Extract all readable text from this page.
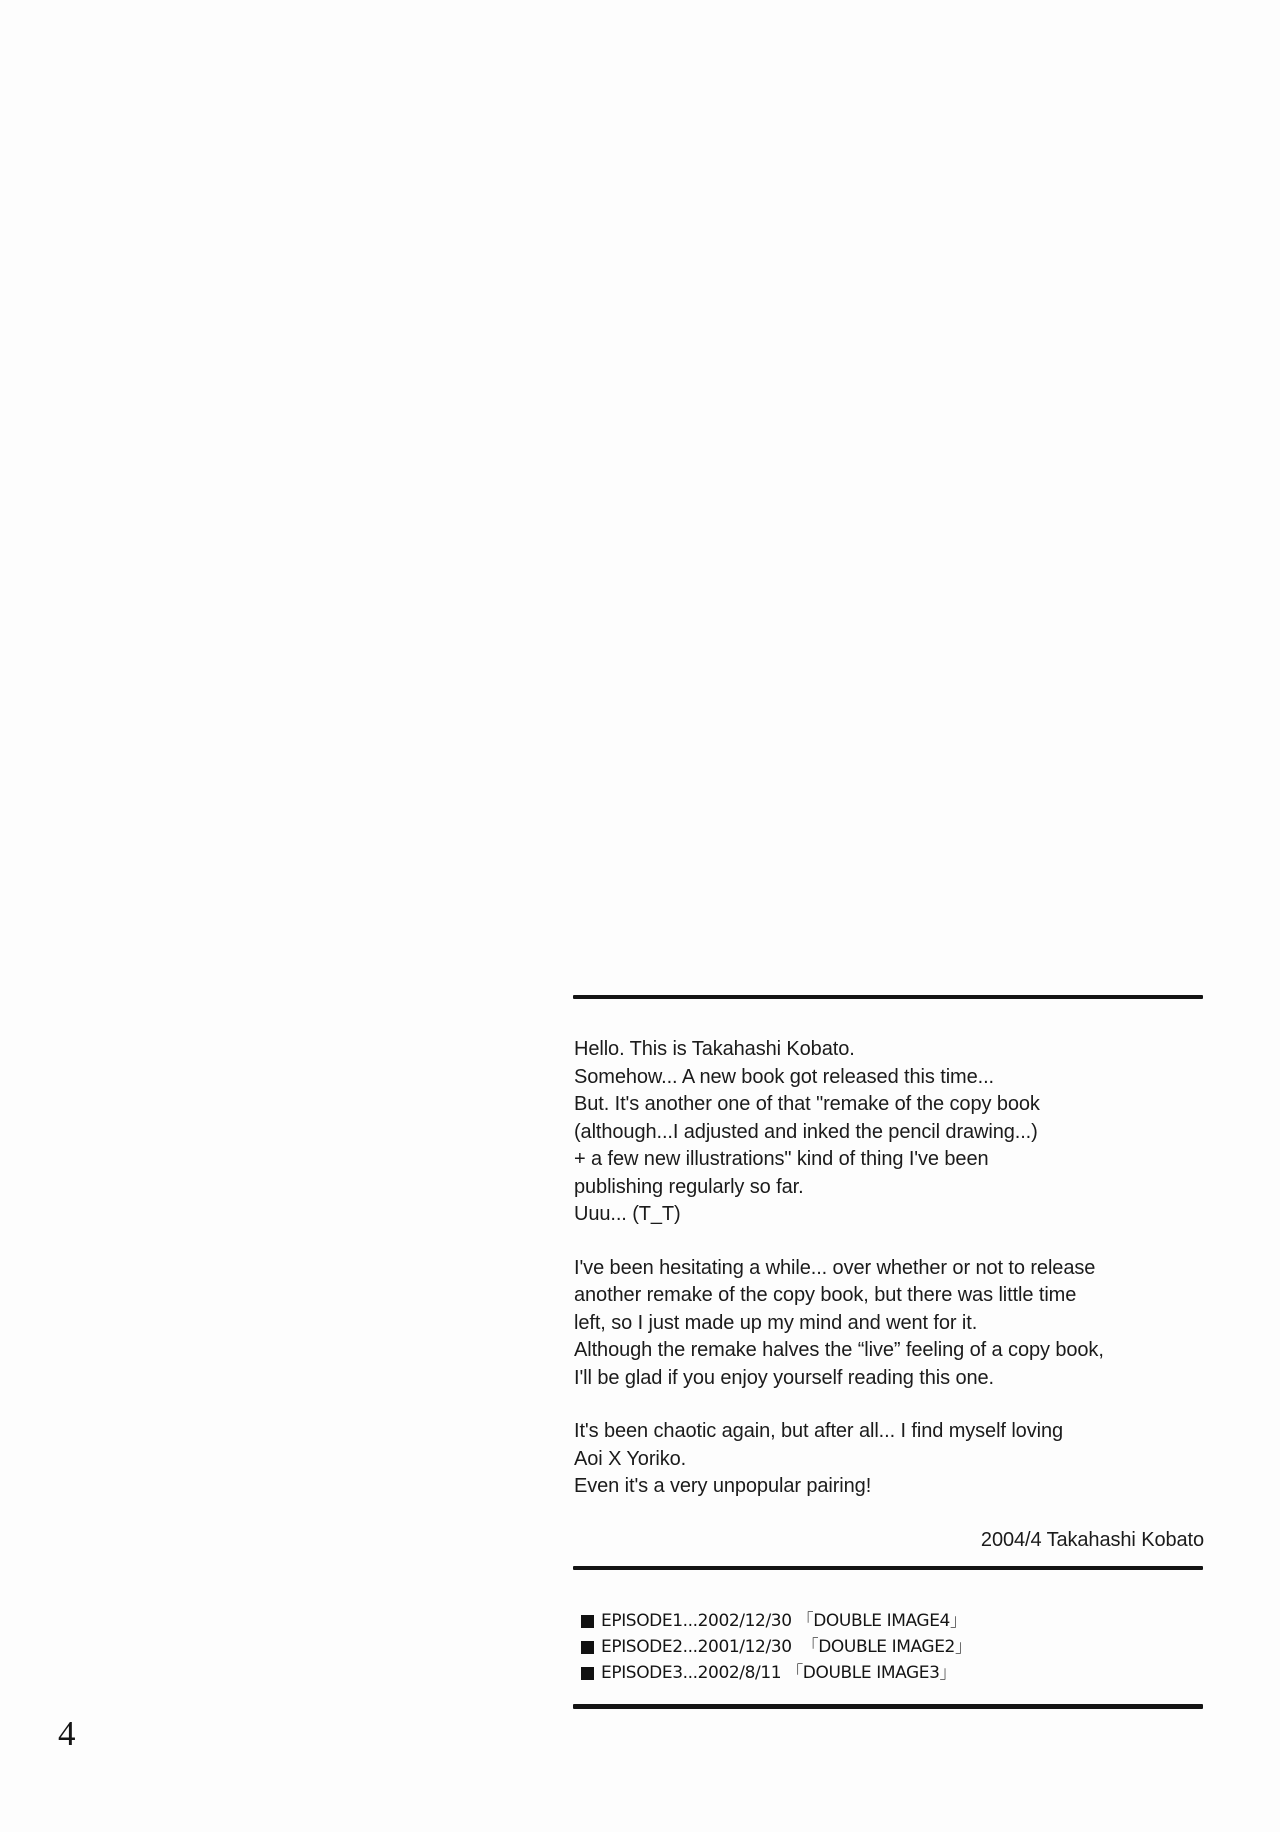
Hello. This is Takahashi Kobato.
Somehow... A new book got released this time...
But. It's another one of that "remake of the copy book
(although...I adjusted and inked the pencil drawing...)
+ a few new illustrations" kind of thing I've been
publishing regularly so far.
Uuu... (T_T)
I've been hesitating a while... over whether or not to release
another remake of the copy book, but there was little time
left, so I just made up my mind and went for it.
Although the remake halves the “live” feeling of a copy book,
I'll be glad if you enjoy yourself reading this one.
It's been chaotic again, but after all... I find myself loving
Aoi X Yoriko.
Even it's a very unpopular pairing!
2004/4 Takahashi Kobato
EPISODE1...2002/12/30 「DOUBLE IMAGE4」
EPISODE2...2001/12/30  「DOUBLE IMAGE2」
EPISODE3...2002/8/11 「DOUBLE IMAGE3」
4
